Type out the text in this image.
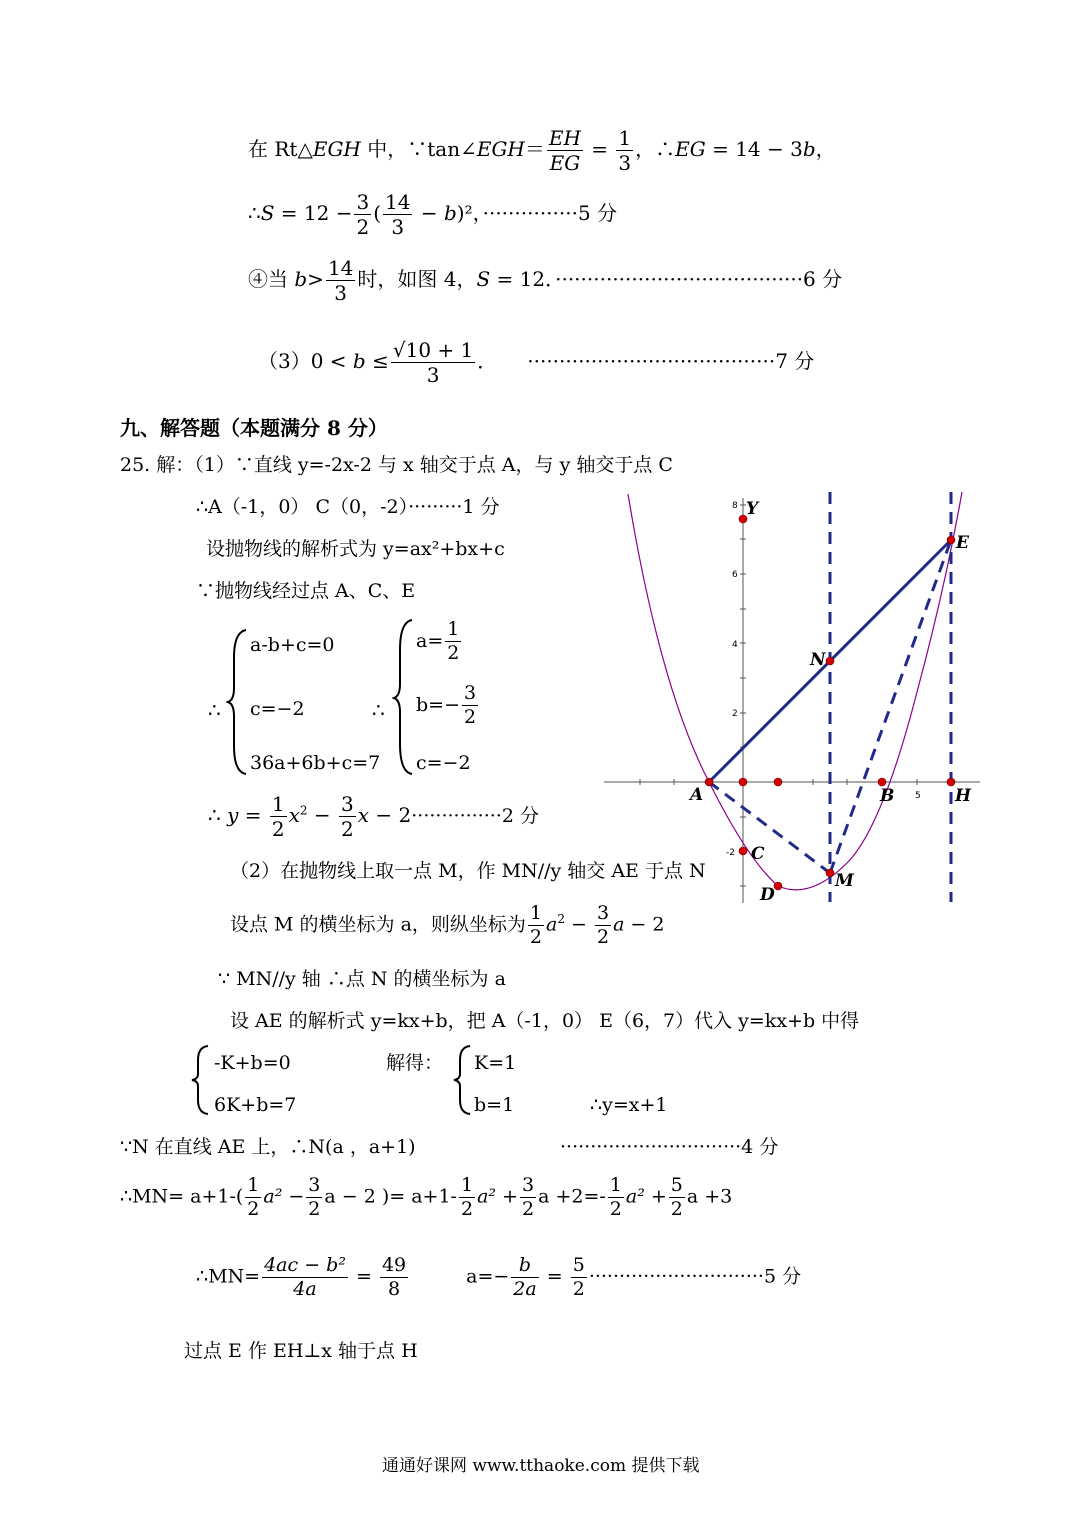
在 Rt△EGH 中，∵tan∠EGH＝ $\frac{EH}{EG} = \frac{1}{3}$ ，∴EG = 14 − 3b，
∴S = $12 - \frac{3}{2}$ ( $\frac{14}{3} - b)^2$，···············5 分
④当 $b> \frac{14}{3}$ 时，如图 4，S = 12．·······································6 分
$(3)0 < b \le \frac{√10 + 1}{3}$ ． ·······································7 分
九、解答题（本题满分 8 分）
25. 解：（1）∵直线 y=-2x-2 与 x 轴交于点 A，与 y 轴交于点 C
∴A（-1，0） C（0，-2）·········1 分
设抛物线的解析式为 y=ax²+bx+c
∵抛物线经过点 A、C、E
∴
a-b+c=0
c=−2
36a+6b+c=7
∴
$a= \frac{1}{2}$
$b=- \frac{3}{2}$
c=−2
∴ $y = \frac{1}{2} x^2 - \frac{3}{2}$ x − 2···············2 分
（2）在抛物线上取一点 M，作 MN//y 轴交 AE 于点 N
设点 M 的横坐标为 a，则纵坐标为 $\frac{1}{2} a^2 - \frac{3}{2}$ a − 2
∵ MN//y 轴 ∴点 N 的横坐标为 a
设 AE 的解析式 y=kx+b，把 A（-1，0） E（6，7）代入 y=kx+b 中得
-K+b=0
6K+b=7
解得： K=1
b=1	∴y=x+1
∵N 在直线 AE 上，∴N(a ，a+1)	······························4 分
∴MN= $a+1-( \frac{1}{2} a^2 - \frac{3}{2}$ a − 2 )= $a+1- \frac{1}{2} a^2 + \frac{3}{2}$ $a +2=- \frac{1}{2} a^2 + \frac{5}{2}$ a +3
∴MN= $\frac{\text{4ac − b²}}{4a} = \frac{49}{8}$	$a=- \frac{b}{2a} = \frac{5}{2} \cdot\cdot\cdot\cdot\cdot\cdot\cdot\cdot\cdot\cdot\cdot\cdot\cdot\cdot\cdot\cdot\cdot\cdot\cdot\cdot\cdot\cdot\cdot\cdot\cdot\cdot\cdot\cdot\cdot 5$ 分
过点 E 作 EH⊥x 轴于点 H
通通好课网 www.tthaoke.com 提供下载
8
6
4
2
-2
5
Y
E
N
A	B	H
C
M
D
